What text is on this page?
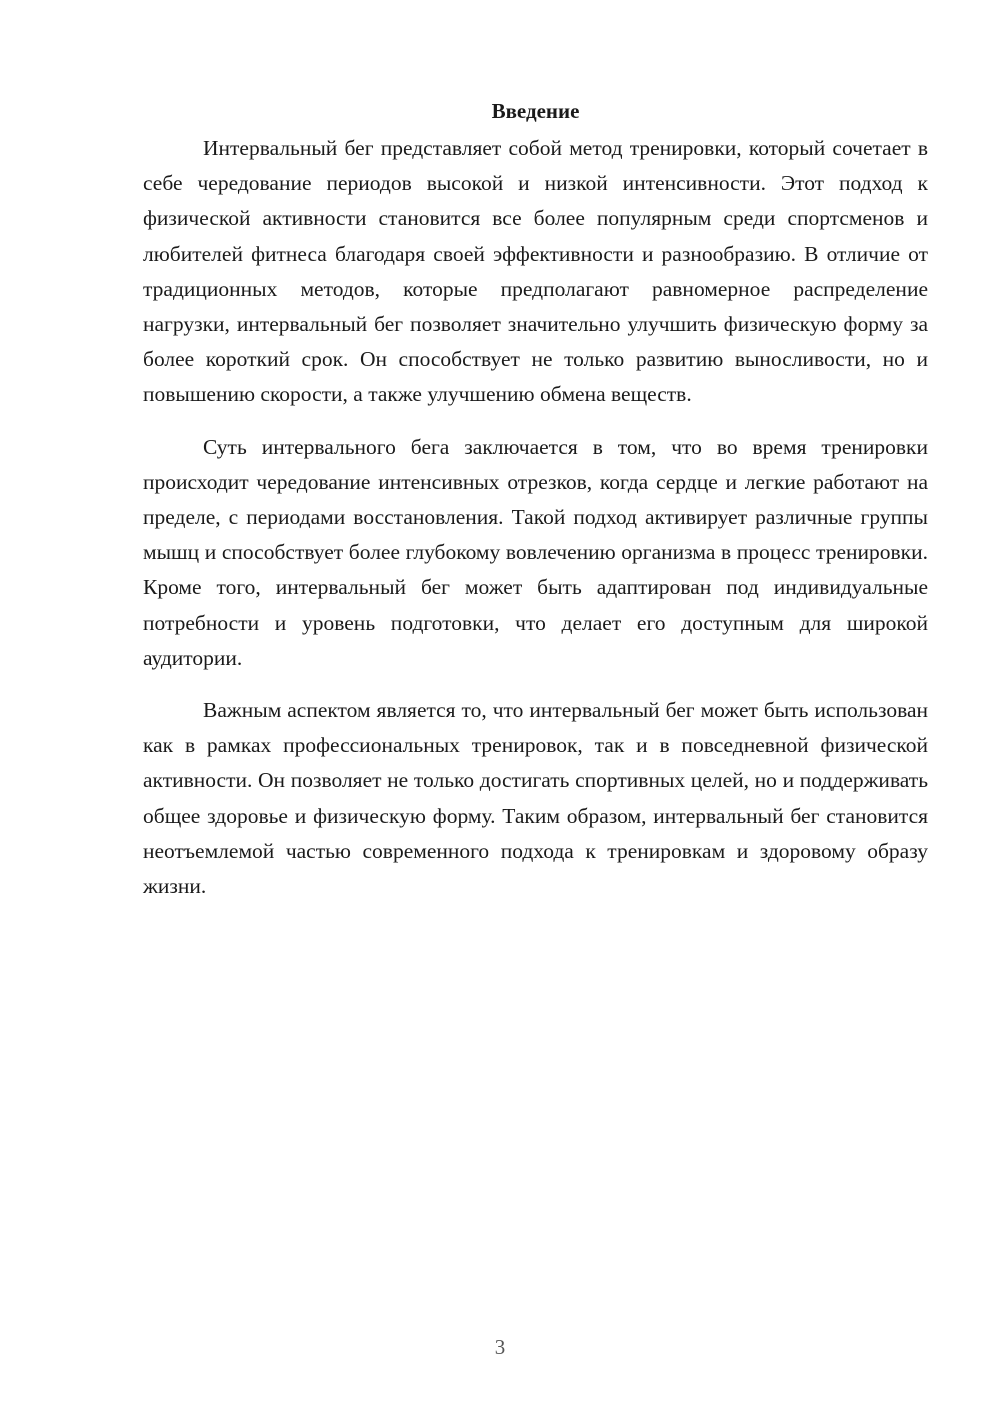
Введение

Интервальный бег представляет собой метод тренировки, который сочетает в себе чередование периодов высокой и низкой интенсивности. Этот подход к физической активности становится все более популярным среди спортсменов и любителей фитнеса благодаря своей эффективности и разнообразию. В отличие от традиционных методов, которые предполагают равномерное распределение нагрузки, интервальный бег позволяет значительно улучшить физическую форму за более короткий срок. Он способствует не только развитию выносливости, но и повышению скорости, а также улучшению обмена веществ.

Суть интервального бега заключается в том, что во время тренировки происходит чередование интенсивных отрезков, когда сердце и легкие работают на пределе, с периодами восстановления. Такой подход активирует различные группы мышц и способствует более глубокому вовлечению организма в процесс тренировки. Кроме того, интервальный бег может быть адаптирован под индивидуальные потребности и уровень подготовки, что делает его доступным для широкой аудитории.

Важным аспектом является то, что интервальный бег может быть использован как в рамках профессиональных тренировок, так и в повседневной физической активности. Он позволяет не только достигать спортивных целей, но и поддерживать общее здоровье и физическую форму. Таким образом, интервальный бег становится неотъемлемой частью современного подхода к тренировкам и здоровому образу жизни.

3
